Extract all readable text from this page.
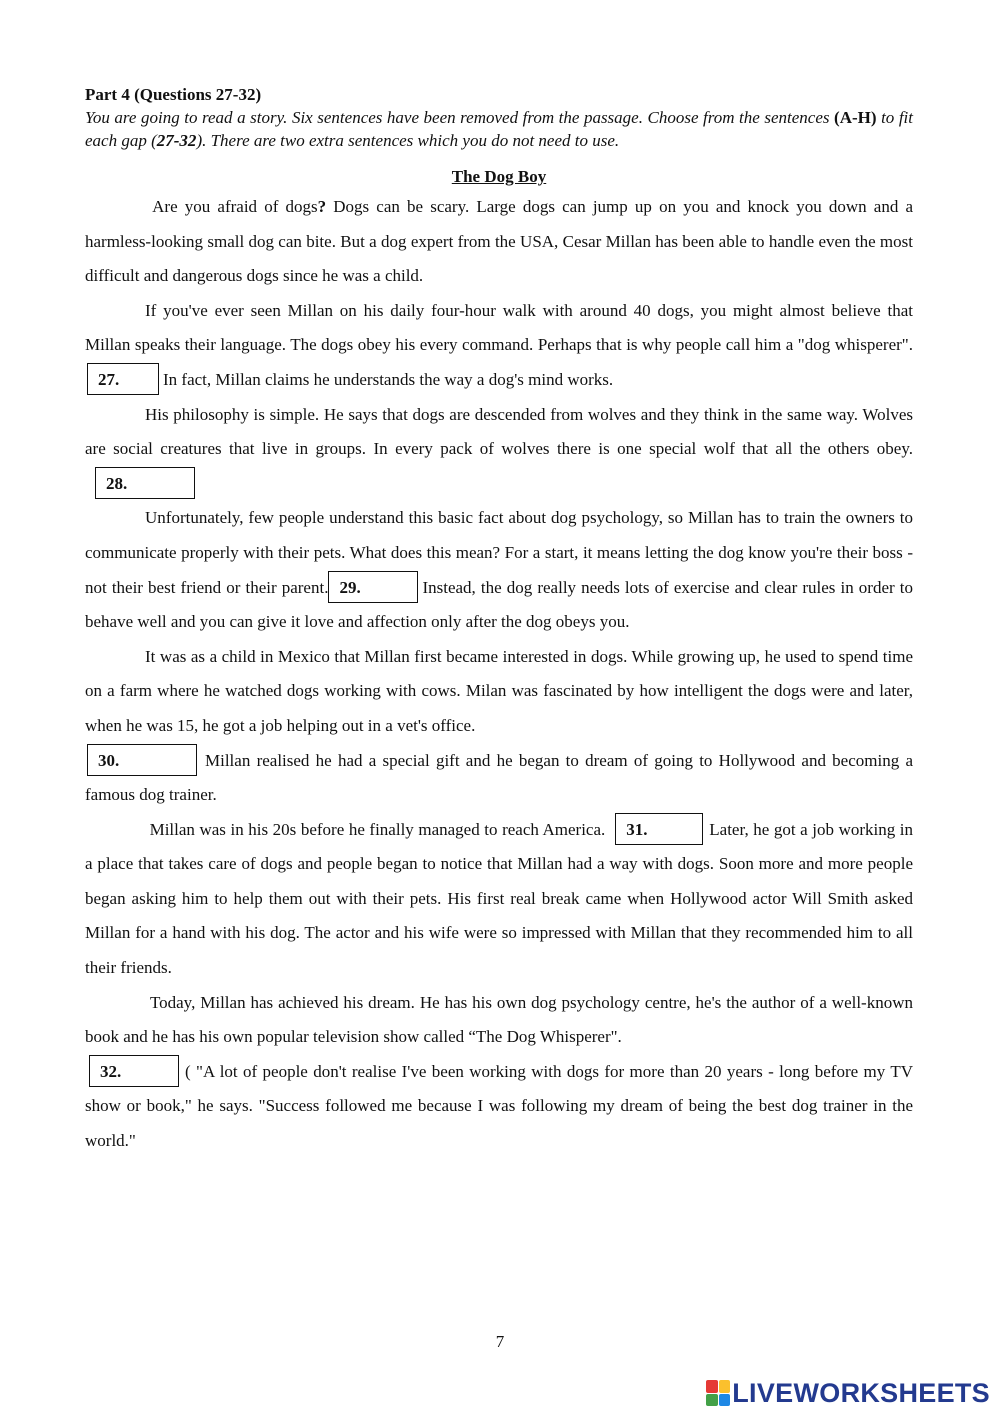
Part 4 (Questions 27-32)

You are going to read a story. Six sentences have been removed from the passage. Choose from the sentences (A-H) to fit each gap (27-32). There are two extra sentences which you do not need to use.

The Dog Boy

Are you afraid of dogs? Dogs can be scary. Large dogs can jump up on you and knock you down and a harmless-looking small dog can bite. But a dog expert from the USA, Cesar Millan has been able to handle even the most difficult and dangerous dogs since he was a child.

If you've ever seen Millan on his daily four-hour walk with around 40 dogs, you might almost believe that Millan speaks their language. The dogs obey his every command. Perhaps that is why people call him a "dog whisperer".27.	In fact, Millan claims he understands the way a dog's mind works.

His philosophy is simple. He says that dogs are descended from wolves and they think in the same way. Wolves are social creatures that live in groups. In every pack of wolves there is one special wolf that all the others obey.28.

Unfortunately, few people understand this basic fact about dog psychology, so Millan has to train the owners to communicate properly with their pets. What does this mean? For a start, it means letting the dog know you're their boss - not their best friend or their parent. 29.	Instead, the dog really needs lots of exercise and clear rules in order to behave well and you can give it love and affection only after the dog obeys you.

It was as a child in Mexico that Millan first became interested in dogs. While growing up, he used to spend time on a farm where he watched dogs working with cows. Milan was fascinated by how intelligent the dogs were and later, when he was 15, he got a job helping out in a vet's office.

30.	Millan realised he had a special gift and he began to dream of going to Hollywood and becoming a famous dog trainer.

Millan was in his 20s before he finally managed to reach America. 31.	Later, he got a job working in a place that takes care of dogs and people began to notice that Millan had a way with dogs. Soon more and more people began asking him to help them out with their pets. His first real break came when Hollywood actor Will Smith asked Millan for a hand with his dog. The actor and his wife were so impressed with Millan that they recommended him to all their friends.

Today, Millan has achieved his dream. He has his own dog psychology centre, he's the author of a well-known book and he has his own popular television show called “The Dog Whisperer".

32.	( "A lot of people don't realise I've been working with dogs for more than 20 years - long before my TV show or book," he says. "Success followed me because I was following my dream of being the best dog trainer in the world."

7
LIVEWORKSHEETS
